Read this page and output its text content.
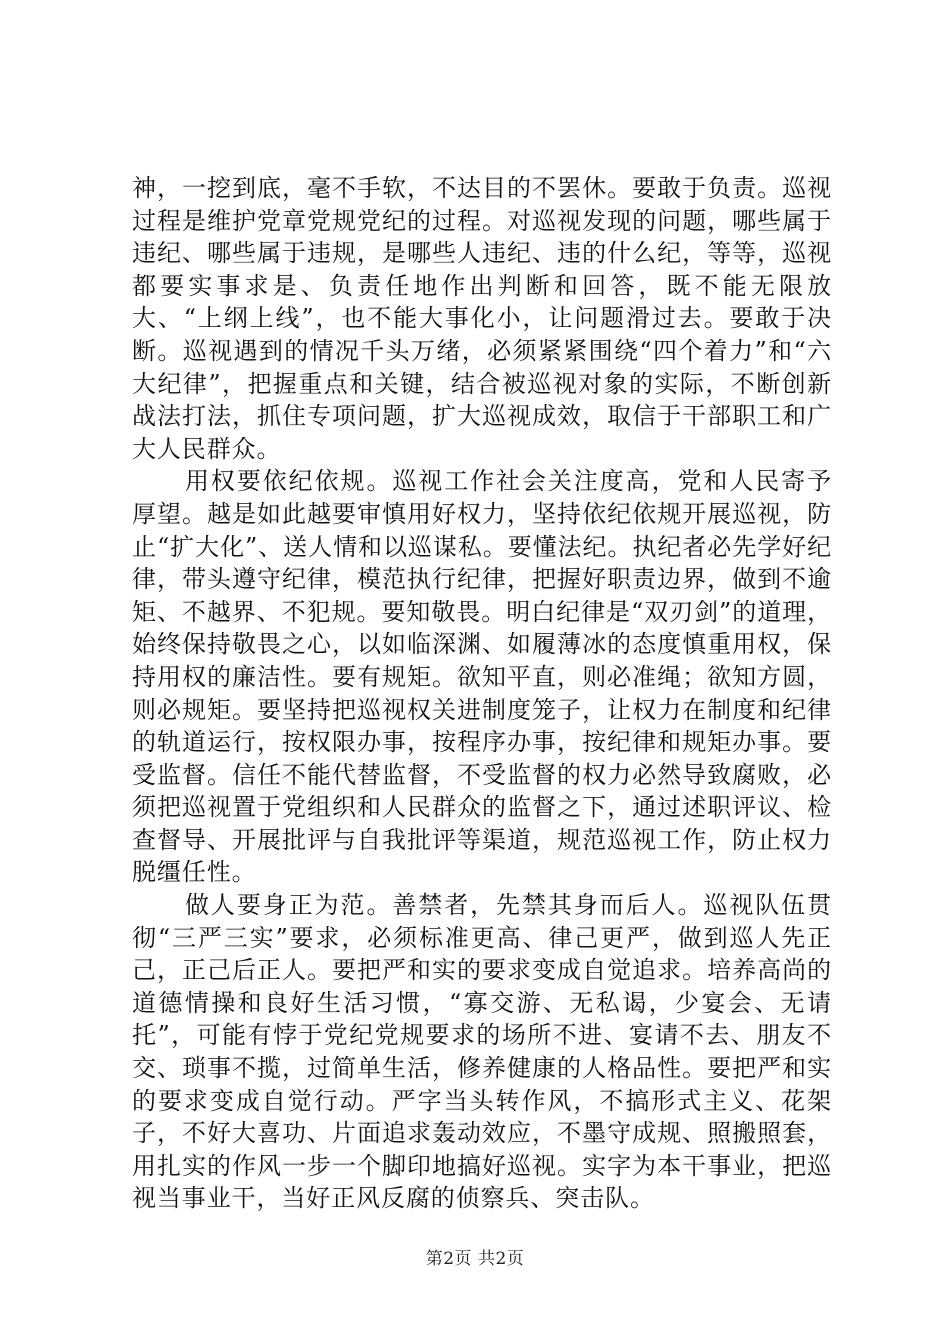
神，一挖到底，毫不手软，不达目的不罢休。要敢于负责。巡视过程是维护党章党规党纪的过程。对巡视发现的问题，哪些属于违纪、哪些属于违规，是哪些人违纪、违的什么纪，等等，巡视都要实事求是、负责任地作出判断和回答，既不能无限放大、“上纲上线”，也不能大事化小，让问题滑过去。要敢于决断。巡视遇到的情况千头万绪，必须紧紧围绕“四个着力”和“六大纪律”，把握重点和关键，结合被巡视对象的实际，不断创新战法打法，抓住专项问题，扩大巡视成效，取信于干部职工和广大人民群众。

用权要依纪依规。巡视工作社会关注度高，党和人民寄予厚望。越是如此越要审慎用好权力，坚持依纪依规开展巡视，防止“扩大化”、送人情和以巡谋私。要懂法纪。执纪者必先学好纪律，带头遵守纪律，模范执行纪律，把握好职责边界，做到不逾矩、不越界、不犯规。要知敬畏。明白纪律是“双刃剑”的道理，始终保持敬畏之心，以如临深渊、如履薄冰的态度慎重用权，保持用权的廉洁性。要有规矩。欲知平直，则必准绳；欲知方圆，则必规矩。要坚持把巡视权关进制度笼子，让权力在制度和纪律的轨道运行，按权限办事，按程序办事，按纪律和规矩办事。要受监督。信任不能代替监督，不受监督的权力必然导致腐败，必须把巡视置于党组织和人民群众的监督之下，通过述职评议、检查督导、开展批评与自我批评等渠道，规范巡视工作，防止权力脱缰任性。

做人要身正为范。善禁者，先禁其身而后人。巡视队伍贯彻“三严三实”要求，必须标准更高、律己更严，做到巡人先正己，正己后正人。要把严和实的要求变成自觉追求。培养高尚的道德情操和良好生活习惯，“寡交游、无私谒，少宴会、无请托”，可能有悖于党纪党规要求的场所不进、宴请不去、朋友不交、琐事不揽，过简单生活，修养健康的人格品性。要把严和实的要求变成自觉行动。严字当头转作风，不搞形式主义、花架子，不好大喜功、片面追求轰动效应，不墨守成规、照搬照套，用扎实的作风一步一个脚印地搞好巡视。实字为本干事业，把巡视当事业干，当好正风反腐的侦察兵、突击队。

第2页 共2页
